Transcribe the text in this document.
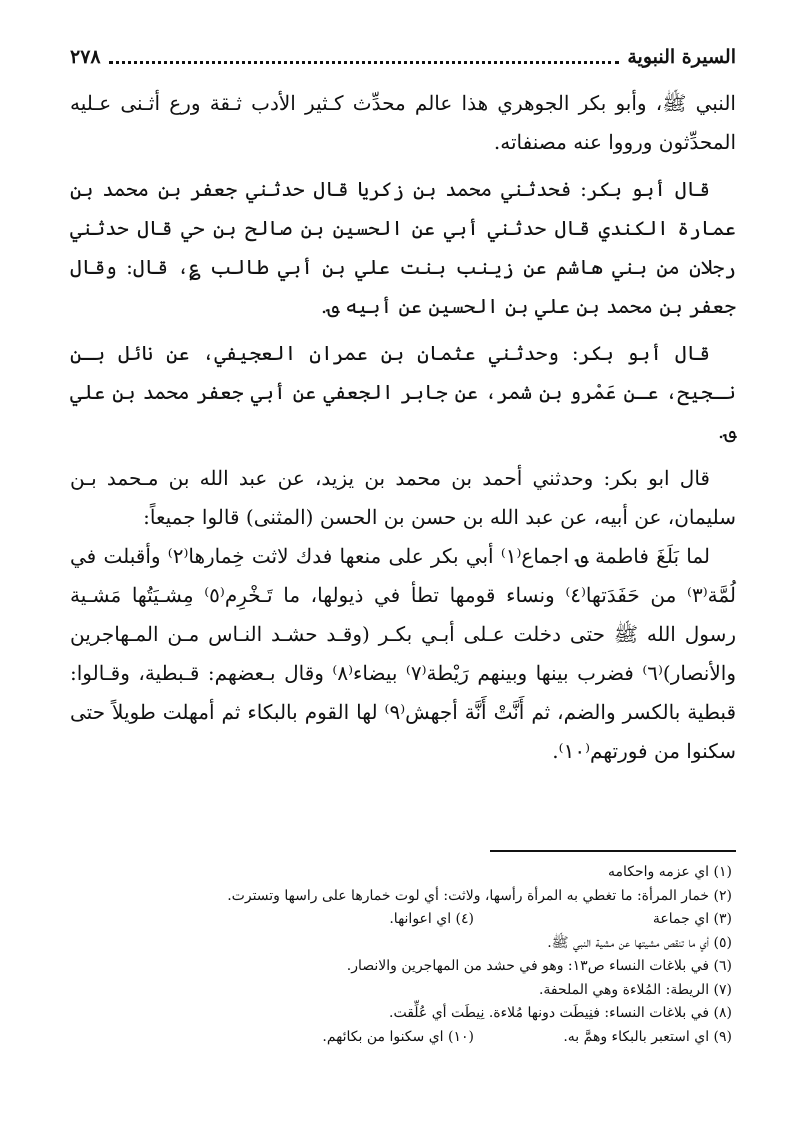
السيرة النبوية
٢٧٨

النبي ﷺ، وأبو بكر الجوهري هذا عالم محدِّث كـثير الأدب ثـقة ورع أثـنى عـليه المحدِّثون ورووا عنه مصنفاته.

قال أبو بكر: فحدثني محمد بن زكريا قال حدثني جعفر بن محمد بن عمارة الكندي قال حدثني أبي عن الحسين بن صالح بن حي قال حدثني رجلان من بني هاشم عن زينب بنت علي بن أبي طالب ؏، قال: وقال جعفر بن محمد بن علي بن الحسين عن أبيه ؈.

قال أبو بكر: وحدثني عثمان بن عمران العجيفي، عن نائل بـن نـجيح، عـن عَمْرو بن شمر، عن جابر الجعفي عن أبي جعفر محمد بن علي ؈.

قال ابو بكر: وحدثني أحمد بن محمد بن يزيد، عن عبد الله بن مـحمد بـن سليمان، عن أبيه، عن عبد الله بن حسن بن الحسن (المثنى) قالوا جميعاً:

لما بَلَغَ فاطمة ؈ اجماع⁽١⁾ أبي بكر على منعها فدك لاثت خِمارها⁽٢⁾ وأقبلت في لُمَّة⁽٣⁾ من حَفَدَتها⁽٤⁾ ونساء قومها تطأ في ذيولها، ما تَـخْرِم⁽٥⁾ مِشـيَتُها مَشـية رسول الله ﷺ حتى دخلت عـلى أبـي بكـر (وقـد حشـد النـاس مـن المـهاجرين والأنصار)⁽٦⁾ فضرب بينها وبينهم رَيْطة⁽٧⁾ بيضاء⁽٨⁾ وقال بـعضهم: قـبطية، وقـالوا: قبطية بالكسر والضم، ثم أَنَّتْ أَنَّة أجهش⁽٩⁾ لها القوم بالبكاء ثم أمهلت طويلاً حتى سكنوا من فورتهم⁽١٠⁾.

(١) اي عزمه واحكامه
(٢) خمار المرأة: ما تغطي به المرأة رأسها، ولاثت: أي لوت خمارها على راسها وتسترت.
(٣) اي جماعة
(٤) اي اعوانها.
(٥) أي ما تنقص مشيتها عن مشية النبي ﷺ.
(٦) في بلاغات النساء ص١٣: وهو في حشد من المهاجرين والانصار.
(٧) الريطة: المُلاءة وهي الملحفة.
(٨) في بلاغات النساء: فنِيطَت دونها مُلاءة. نِيطَت أي عُلِّقت.
(٩) اي استعبر بالبكاء وهمَّ به.
(١٠) اي سكنوا من بكائهم.
